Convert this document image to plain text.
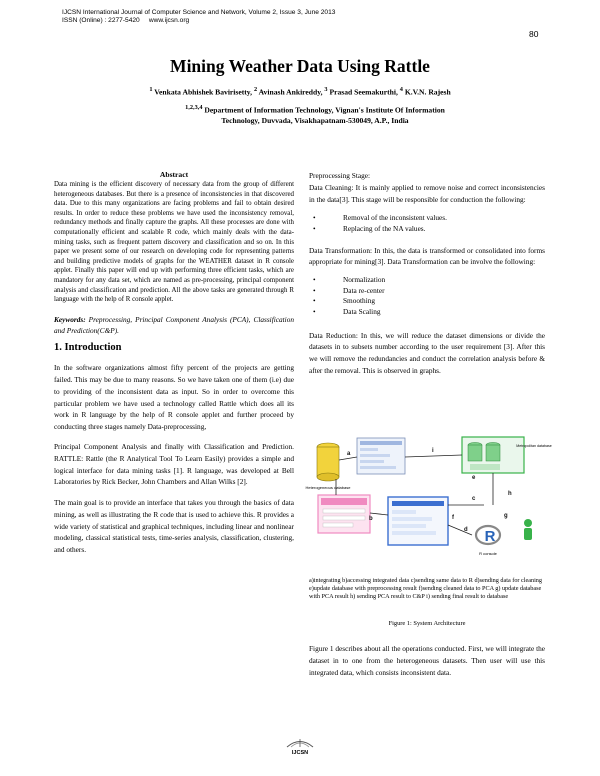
IJCSN International Journal of Computer Science and Network, Volume 2, Issue 3, June 2013
ISSN (Online) : 2277-5420 www.ijcsn.org
80
Mining Weather Data Using Rattle
$^1$ Venkata Abhishek Bavirisetty, $^2$ Avinash Ankireddy, $^3$ Prasad Seemakurthi, $^4$ K.V.N. Rajesh
$^{1,2,3,4}$ Department of Information Technology, Vignan's Institute Of Information
Technology, Duvvada, Visakhapatnam-530049, A.P., India
Abstract

Data mining is the efficient discovery of necessary data from the group of different heterogeneous databases. But there is a presence of inconsistencies in that discovered data. Due to this many organizations are facing problems and fail to obtain desired results. In order to reduce these problems we have used the inconsistency removal, redundancy methods and finally capture the graphs. All these processes are done with computationally efficient and scalable R code, which mainly deals with the data-mining tasks, such as frequent pattern discovery and classification and so on. In this paper we present some of our research on developing code for representing patterns and building predictive models of graphs for the WEATHER dataset in R console applet. Finally this paper will end up with performing three efficient tasks, which are mandatory for any data set, which are named as pre-processing, principal component analysis and classification and prediction. All the above tasks are generated through R language with the help of R console applet.

Keywords: Preprocessing, Principal Component Analysis (PCA), Classification and Prediction(C&P).

1. Introduction

In the software organizations almost fifty percent of the projects are getting failed. This may be due to many reasons. So we have taken one of them (i.e) due to providing of the inconsistent data as input. So in order to overcome this particular problem we have used a technology called Rattle which does all its work in R language by the help of R console applet and further proceed by conducting three stages namely Data-preprocessing,

Principal Component Analysis and finally with Classification and Prediction. RATTLE: Rattle (the R Analytical Tool To Learn Easily) provides a simple and logical interface for data mining tasks [1]. R language, was developed at Bell Laboratories by Rick Becker, John Chambers and Allan Wilks [2].

The main goal is to provide an interface that takes you through the basics of data mining, as well as illustrating the R code that is used to achieve this. R provides a wide variety of statistical and graphical techniques, including linear and nonlinear modeling, classical statistical tests, time-series analysis, classification, clustering, and others.

Preprocessing Stage:

Data Cleaning: It is mainly applied to remove noise and correct inconsistencies in the data[3]. This stage will be responsible for conduction the following:

• Removal of the inconsistent values.
• Replacing of the NA values.

Data Transformation: In this, the data is transformed or consolidated into forms appropriate for mining[3]. Data Transformation can be involve the following:

• Normalization
• Data re-center
• Smoothing
• Data Scaling

Data Reduction: In this, we will reduce the dataset dimensions or divide the datasets in to subsets number according to the user requirement [3]. After this we will remove the redundancies and conduct the correlation analysis before & after the removal. This is observed in graphs.

Heterogeneous database
Metropolitan database
R
R console
a
b
c
d
e
f	g
h
i
a)integrating b)accessing integrated data c)sending same data to R d)sending data for cleaning e)update database with preprocessing result f)sending cleaned data to PCA g) update database with PCA result h) sending PCA result to C&P i) sending final result to database
Figure 1: System Architecture
Figure 1 describes about all the operations conducted. First, we will integrate the dataset in to one from the heterogeneous datasets. Then user will use this integrated data, which consists inconsistent data.
IJCSN
